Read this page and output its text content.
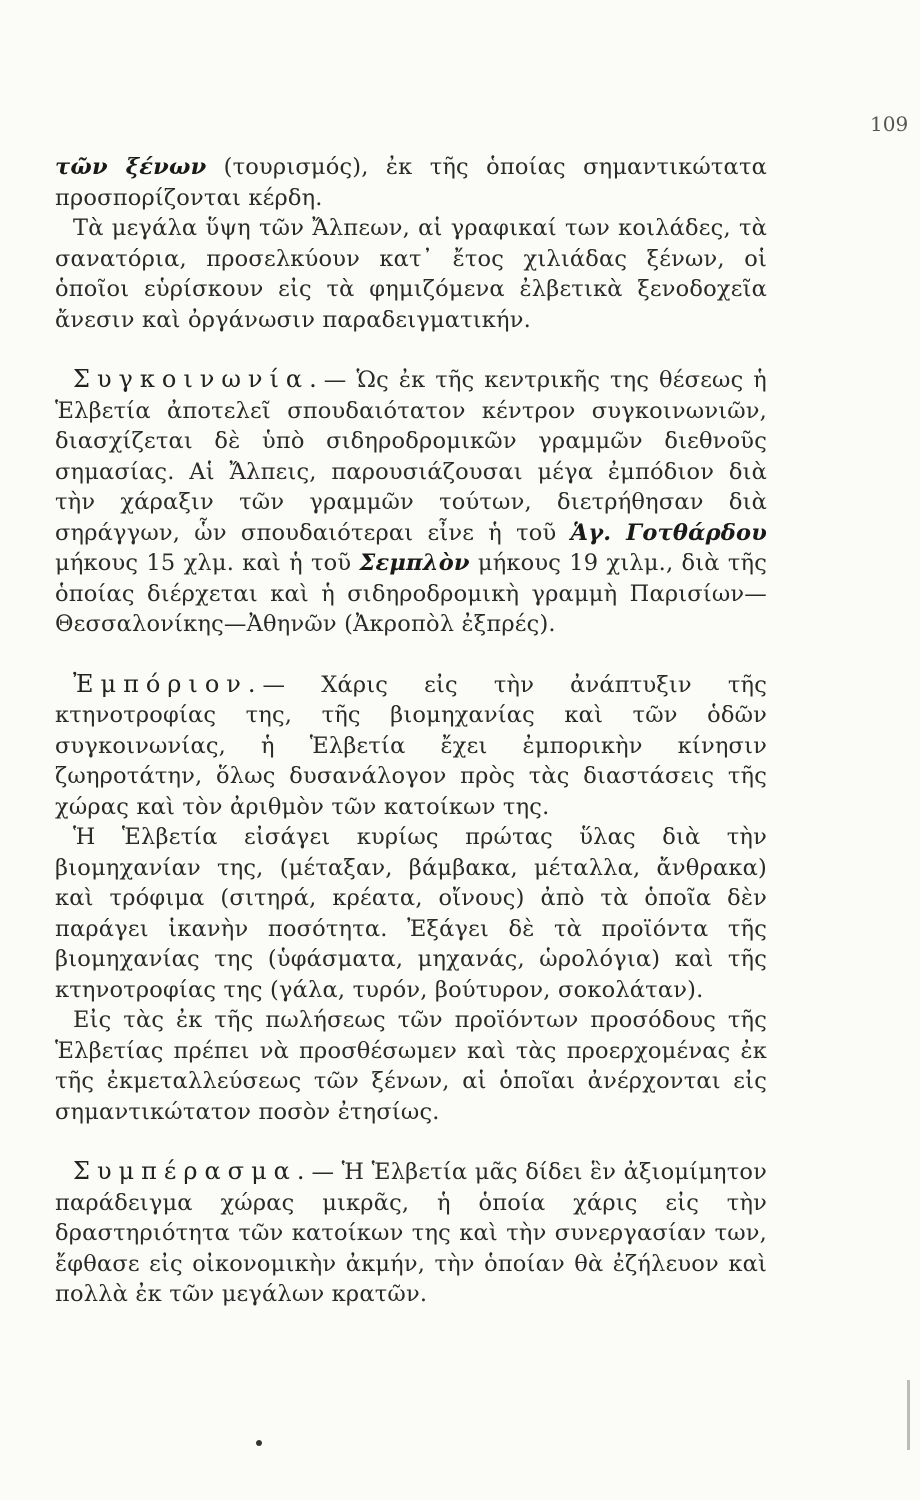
109

τῶν ξένων (τουρισμός), ἐκ τῆς ὁποίας σημαντικώτατα προσπορίζονται κέρδη.

Τὰ μεγάλα ὕψη τῶν Ἄλπεων, αἱ γραφικαί των κοιλάδες, τὰ σανατόρια, προσελκύουν κατ᾽ ἔτος χιλιάδας ξένων, οἱ ὁποῖοι εὑρίσκουν εἰς τὰ φημιζόμενα ἐλβετικὰ ξενοδοχεῖα ἄνεσιν καὶ ὀργάνωσιν παραδειγματικήν.

Συγκοινωνία.— Ὡς ἐκ τῆς κεντρικῆς της θέσεως ἡ Ἑλβετία ἀποτελεῖ σπουδαιότατον κέντρον συγκοινωνιῶν, διασχίζεται δὲ ὑπὸ σιδηροδρομικῶν γραμμῶν διεθνοῦς σημασίας. Αἱ Ἄλπεις, παρουσιάζουσαι μέγα ἐμπόδιον διὰ τὴν χάραξιν τῶν γραμμῶν τούτων, διετρήθησαν διὰ σηράγγων, ὧν σπουδαιότεραι εἶνε ἡ τοῦ Ἁγ. Γοτθάρδου μήκους 15 χλμ. καὶ ἡ τοῦ Σεμπλὸν μήκους 19 χιλμ., διὰ τῆς ὁποίας διέρχεται καὶ ἡ σιδηροδρομικὴ γραμμὴ Παρισίων—Θεσσαλονίκης—Ἀθηνῶν (Ἀκροπὸλ ἐξπρές).

Ἐμπόριον.— Χάρις εἰς τὴν ἀνάπτυξιν τῆς κτηνοτροφίας της, τῆς βιομηχανίας καὶ τῶν ὁδῶν συγκοινωνίας, ἡ Ἑλβετία ἔχει ἐμπορικὴν κίνησιν ζωηροτάτην, ὅλως δυσανάλογον πρὸς τὰς διαστάσεις τῆς χώρας καὶ τὸν ἀριθμὸν τῶν κατοίκων της.

Ἡ Ἑλβετία εἰσάγει κυρίως πρώτας ὕλας διὰ τὴν βιομηχανίαν της, (μέταξαν, βάμβακα, μέταλλα, ἄνθρακα) καὶ τρόφιμα (σιτηρά, κρέατα, οἴνους) ἀπὸ τὰ ὁποῖα δὲν παράγει ἱκανὴν ποσότητα. Ἐξάγει δὲ τὰ προϊόντα τῆς βιομηχανίας της (ὑφάσματα, μηχανάς, ὡρολόγια) καὶ τῆς κτηνοτροφίας της (γάλα, τυρόν, βούτυρον, σοκολάταν).

Εἰς τὰς ἐκ τῆς πωλήσεως τῶν προϊόντων προσόδους τῆς Ἑλβετίας πρέπει νὰ προσθέσωμεν καὶ τὰς προερχομένας ἐκ τῆς ἐκμεταλλεύσεως τῶν ξένων, αἱ ὁποῖαι ἀνέρχονται εἰς σημαντικώτατον ποσὸν ἐτησίως.

Συμπέρασμα.— Ἡ Ἑλβετία μᾶς δίδει ἓν ἀξιομίμητον παράδειγμα χώρας μικρᾶς, ἡ ὁποία χάρις εἰς τὴν δραστηριότητα τῶν κατοίκων της καὶ τὴν συνεργασίαν των, ἔφθασε εἰς οἰκονομικὴν ἀκμήν, τὴν ὁποίαν θὰ ἐζήλευον καὶ πολλὰ ἐκ τῶν μεγάλων κρατῶν.
